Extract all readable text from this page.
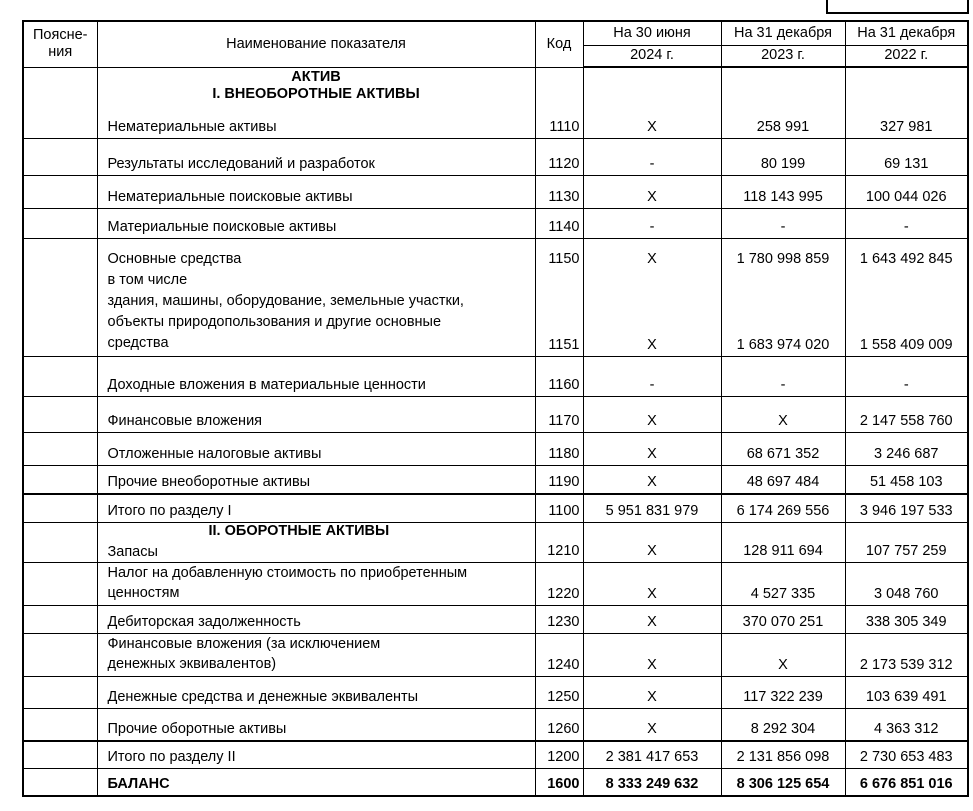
Поясне-
ния	Наименование показателя	Код	На 30 июня	На 31 декабря	На 31 декабря
			2024 г.	2023 г.	2022 г.

	АКТИВ
I. ВНЕОБОРОТНЫЕ АКТИВЫ				

	Нематериальные активы	1110	X	258 991	327 981
	Результаты исследований и разработок	1120	-	80 199	69 131
	Нематериальные поисковые активы	1130	X	118 143 995	100 044 026
	Материальные поисковые активы	1140	-	-	-
	Основные средства	1150	X	1 780 998 859	1 643 492 845
	в том числе
здания, машины, оборудование, земельные участки,
объекты природопользования и другие основные
средства	1151	X	1 683 974 020	1 558 409 009
	Доходные вложения в материальные ценности	1160	-	-	-
	Финансовые вложения	1170	X	X	2 147 558 760
	Отложенные налоговые активы	1180	X	68 671 352	3 246 687
	Прочие внеоборотные активы	1190	X	48 697 484	51 458 103
	Итого по разделу I	1100	5 951 831 979	6 174 269 556	3 946 197 533

	II. ОБОРОТНЫЕ АКТИВЫ
Запасы	1210	X	128 911 694	107 757 259
	Налог на добавленную стоимость по приобретенным
ценностям	1220	X	4 527 335	3 048 760
	Дебиторская задолженность	1230	X	370 070 251	338 305 349
	Финансовые вложения (за исключением
денежных эквивалентов)	1240	X	X	2 173 539 312
	Денежные средства и денежные эквиваленты	1250	X	117 322 239	103 639 491
	Прочие оборотные активы	1260	X	8 292 304	4 363 312
	Итого по разделу II	1200	2 381 417 653	2 131 856 098	2 730 653 483
	БАЛАНС	1600	8 333 249 632	8 306 125 654	6 676 851 016
